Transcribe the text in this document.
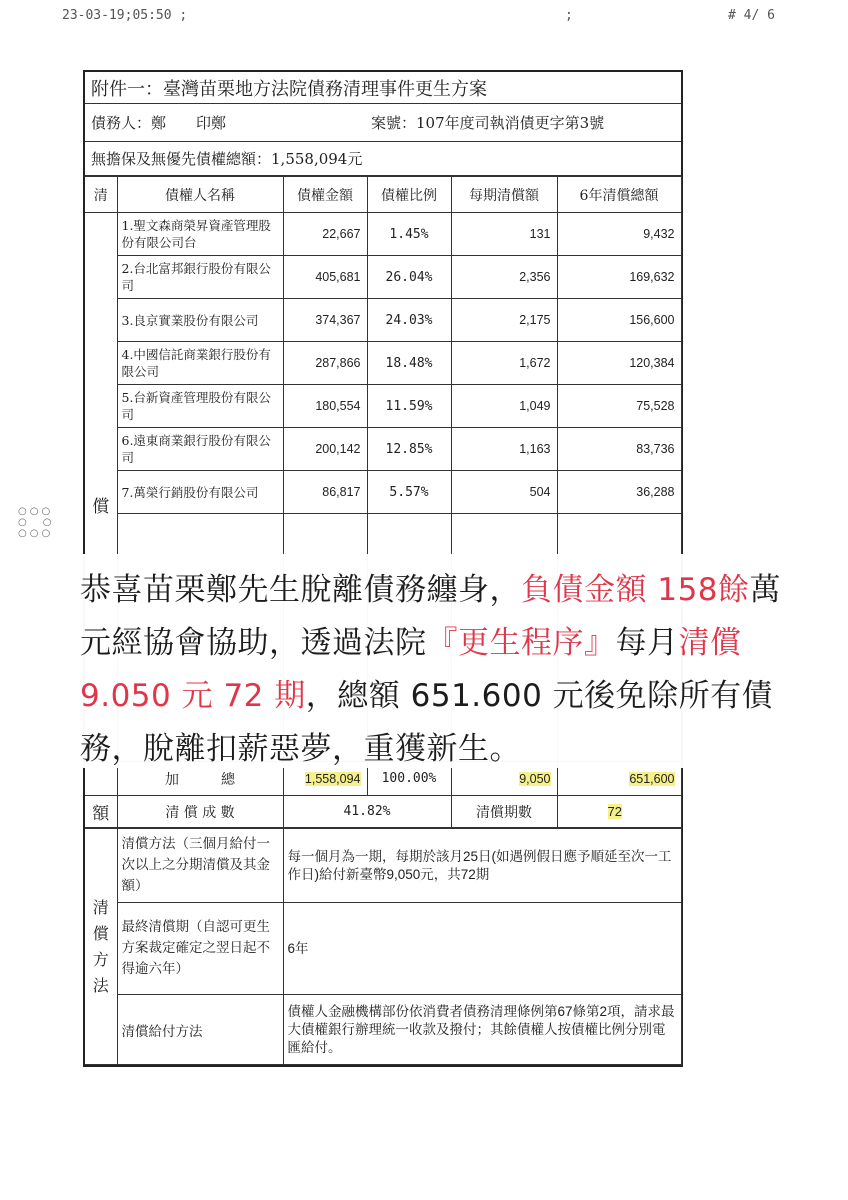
23-03-19;05:50 ;	;	# 4/ 6
○○○
○　○
○○○
附件一：臺灣苗栗地方法院債務清理事件更生方案
債務人：鄭　　印鄭	案號：107年度司執消債更字第3號
無擔保及無優先債權總額：1,558,094元
清	債權人名稱	債權金額	債權比例	每期清償額	6年清償總額
償	1.聖文森商榮昇資產管理股份有限公司台	22,667	1.45%	131	9,432
	2.台北富邦銀行股份有限公司	405,681	26.04%	2,356	169,632
	3.良京實業股份有限公司	374,367	24.03%	2,175	156,600
	4.中國信託商業銀行股份有限公司	287,866	18.48%	1,672	120,384
	5.台新資產管理股份有限公司	180,554	11.59%	1,049	75,528
	6.遠東商業銀行股份有限公司	200,142	12.85%	1,163	83,736
	7.萬榮行銷股份有限公司	86,817	5.57%	504	36,288

	加　　　總	1,558,094	100.00%	9,050	651,600
額	清 償 成 數	41.82%		清償期數	72
清償方法	清償方法（三個月給付一次以上之分期清償及其金額）	每一個月為一期，每期於該月25日(如遇例假日應予順延至次一工作日)給付新臺幣9,050元，共72期
	最終清償期（自認可更生方案裁定確定之翌日起不得逾六年）	6年
	清償給付方法	債權人金融機構部份依消費者債務清理條例第67條第2項，請求最大債權銀行辦理統一收款及撥付；其餘債權人按債權比例分別電匯給付。
恭喜苗栗鄭先生脫離債務纏身，負債金額 158餘萬元經協會協助，透過法院『更生程序』每月清償 9.050 元 72 期，總額 651.600 元後免除所有債務，脫離扣薪惡夢，重獲新生。
